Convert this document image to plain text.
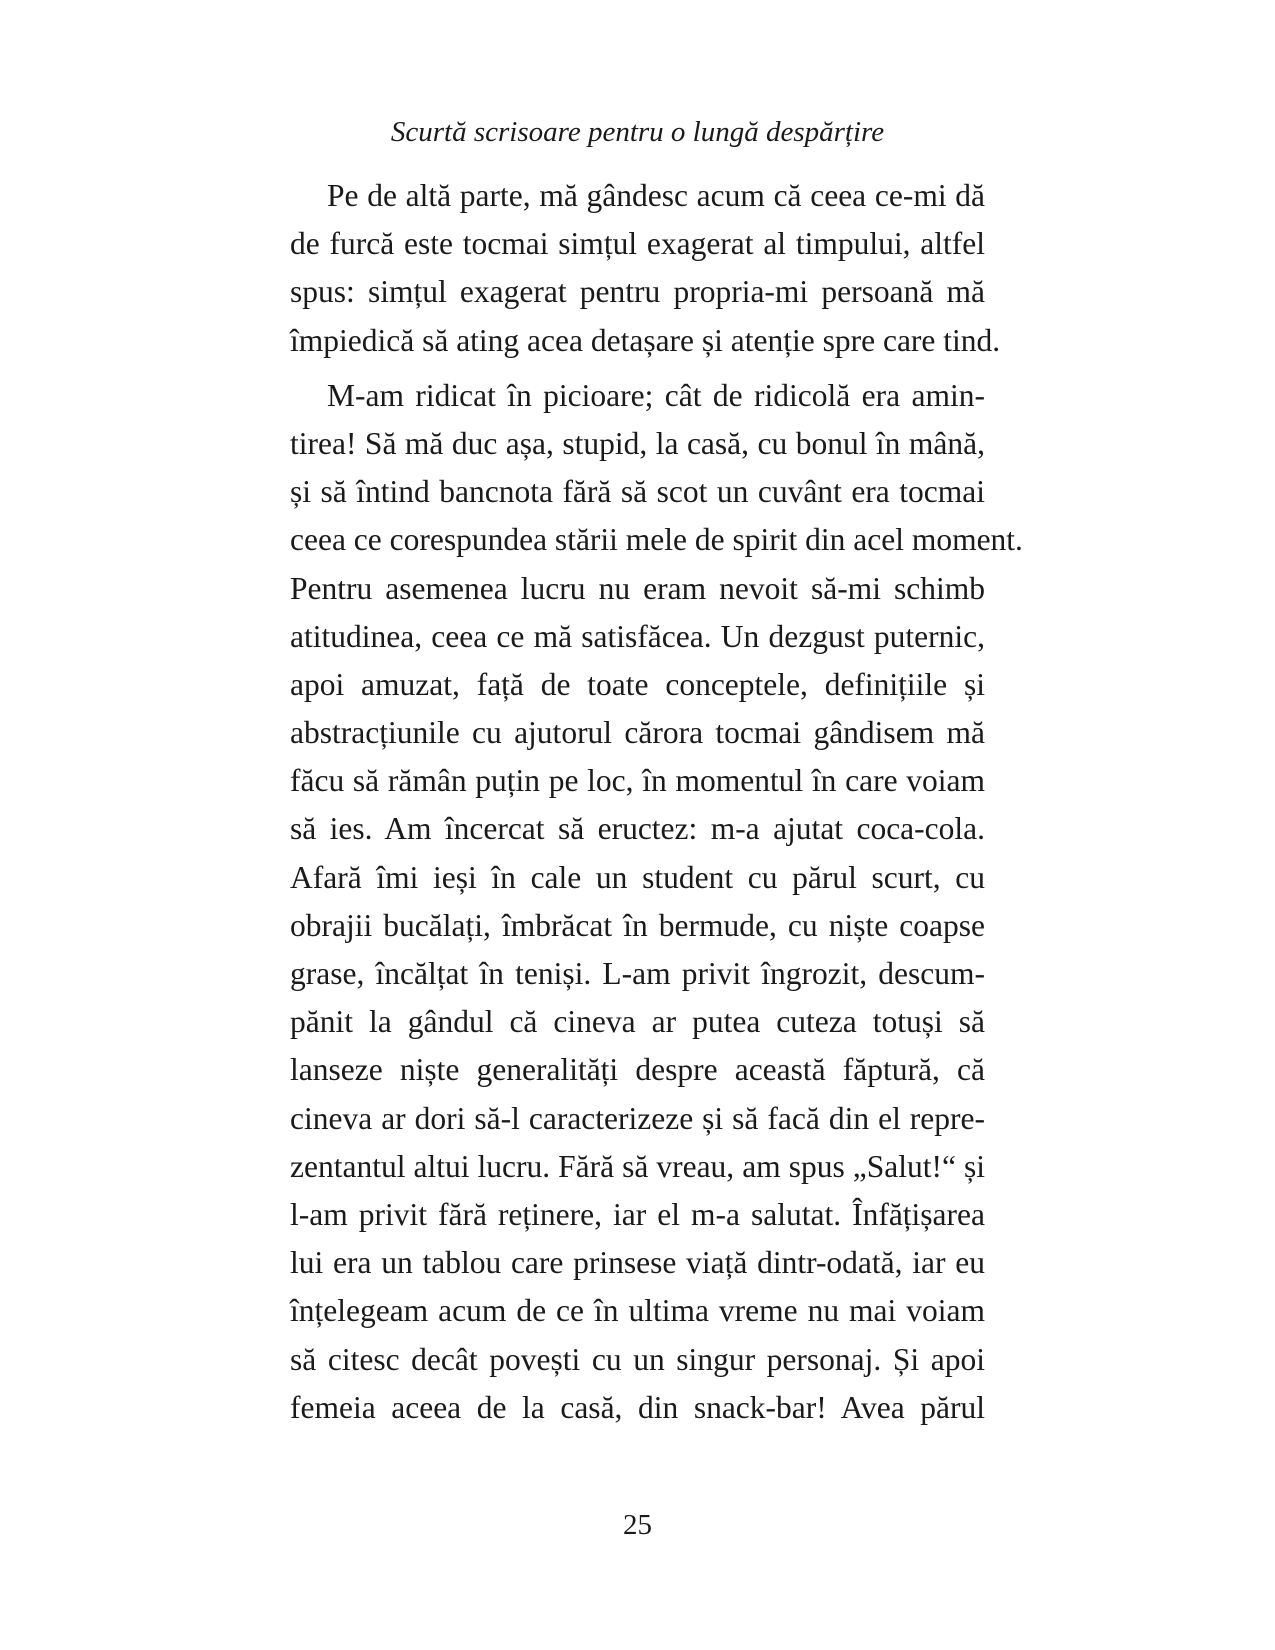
Scurtă scrisoare pentru o lungă despărțire
Pe de altă parte, mă gândesc acum că ceea ce-mi dă
de furcă este tocmai simțul exagerat al timpului, altfel
spus: simțul exagerat pentru propria-mi persoană mă
împiedică să ating acea detașare și atenție spre care tind.
M-am ridicat în picioare; cât de ridicolă era amin-
tirea! Să mă duc așa, stupid, la casă, cu bonul în mână,
și să întind bancnota fără să scot un cuvânt era tocmai
ceea ce corespundea stării mele de spirit din acel moment.
Pentru asemenea lucru nu eram nevoit să-mi schimb
atitudinea, ceea ce mă satisfăcea. Un dezgust puternic,
apoi amuzat, față de toate conceptele, definițiile și
abstracțiunile cu ajutorul cărora tocmai gândisem mă
făcu să rămân puțin pe loc, în momentul în care voiam
să ies. Am încercat să eructez: m-a ajutat coca-cola.
Afară îmi ieși în cale un student cu părul scurt, cu
obrajii bucălați, îmbrăcat în bermude, cu niște coapse
grase, încălțat în teniși. L-am privit îngrozit, descum-
pănit la gândul că cineva ar putea cuteza totuși să
lanseze niște generalități despre această făptură, că
cineva ar dori să-l caracterizeze și să facă din el repre-
zentantul altui lucru. Fără să vreau, am spus „Salut!“ și
l-am privit fără reținere, iar el m-a salutat. Înfățișarea
lui era un tablou care prinsese viață dintr-odată, iar eu
înțelegeam acum de ce în ultima vreme nu mai voiam
să citesc decât povești cu un singur personaj. Și apoi
femeia aceea de la casă, din snack-bar! Avea părul
25
